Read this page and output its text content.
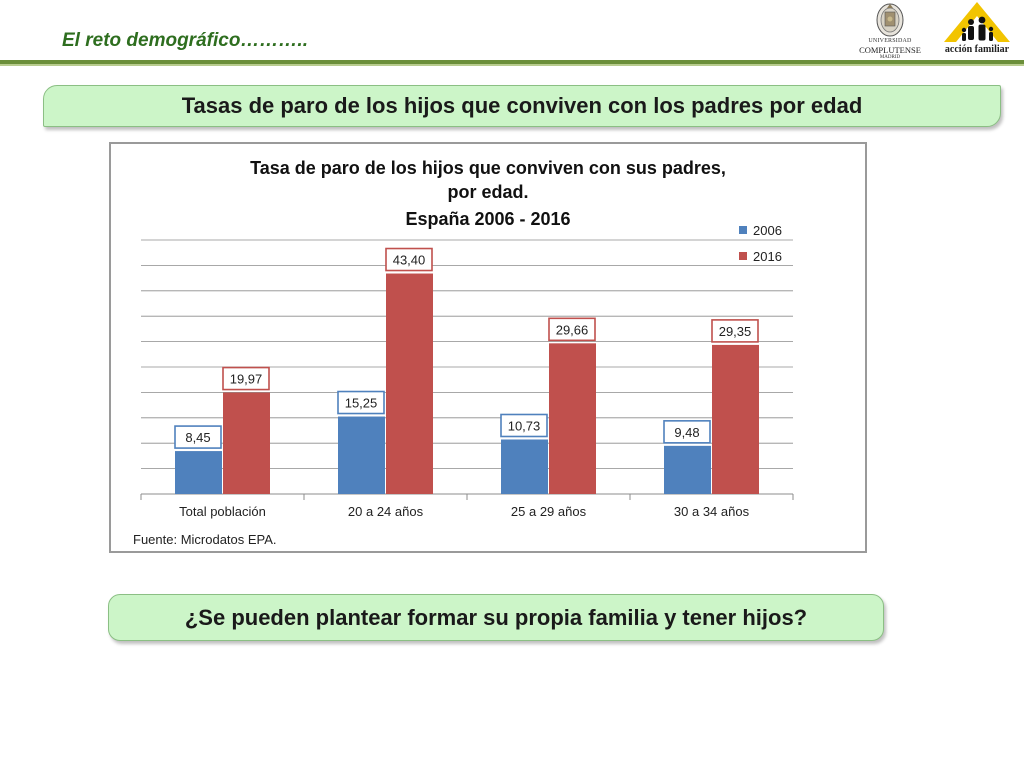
El reto demográfico………..	UNIVERSIDAD
COMPLUTENSE
MADRID
acción familiar
Tasas de paro de los hijos que conviven con los padres por edad
Tasa de paro de los hijos que conviven con sus padres,
por edad.
España 2006 - 2016
8,45
19,97
Total población
15,25
43,40
20 a 24 años
10,73
29,66
25 a 29 años
9,48
29,35
30 a 34 años
2006
2016
Fuente: Microdatos EPA.
¿Se pueden plantear formar su propia familia y tener hijos?
